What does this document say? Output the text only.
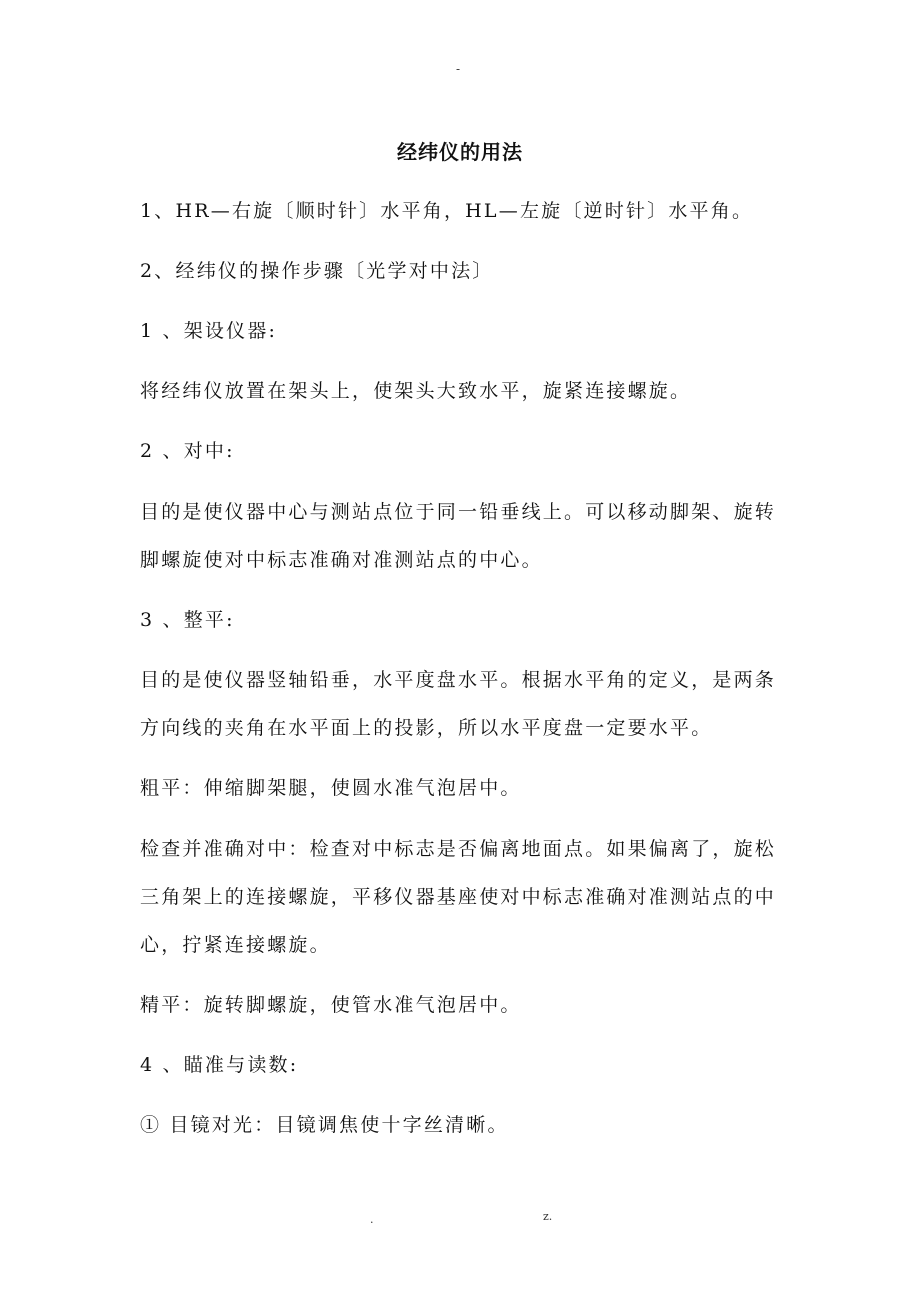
-
经纬仪的用法
1、HR—右旋〔顺时针〕水平角，HL—左旋〔逆时针〕水平角。
2、经纬仪的操作步骤〔光学对中法〕
1 、架设仪器:
将经纬仪放置在架头上，使架头大致水平，旋紧连接螺旋。
2 、对中:
目的是使仪器中心与测站点位于同一铅垂线上。可以移动脚架、旋转
脚螺旋使对中标志准确对准测站点的中心。
3 、整平:
目的是使仪器竖轴铅垂，水平度盘水平。根据水平角的定义，是两条
方向线的夹角在水平面上的投影，所以水平度盘一定要水平。
粗平：伸缩脚架腿，使圆水准气泡居中。
检查并准确对中：检查对中标志是否偏离地面点。如果偏离了，旋松
三角架上的连接螺旋，平移仪器基座使对中标志准确对准测站点的中
心，拧紧连接螺旋。
精平：旋转脚螺旋，使管水准气泡居中。
4 、瞄准与读数:
① 目镜对光：目镜调焦使十字丝清晰。
.	z.
